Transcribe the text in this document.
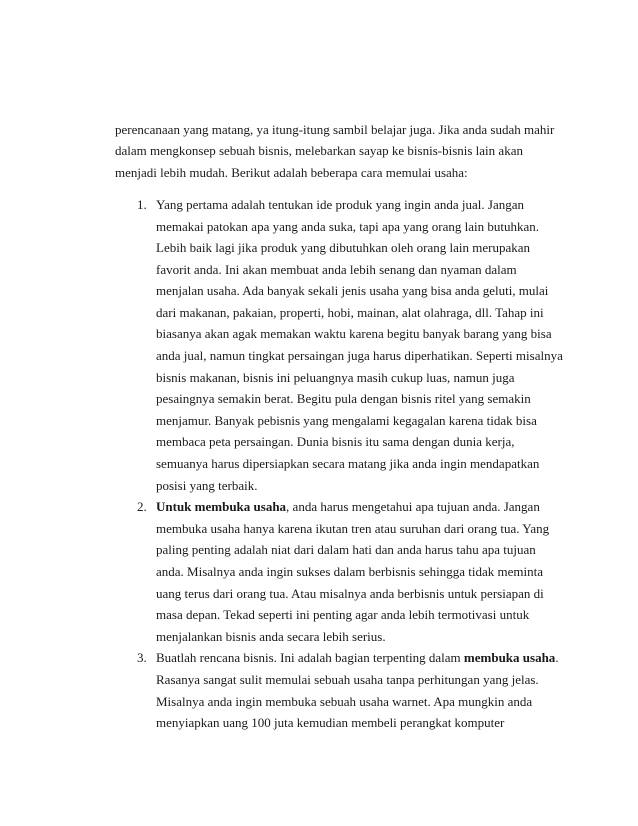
perencanaan yang matang, ya itung-itung sambil belajar juga. Jika anda sudah mahir
dalam mengkonsep sebuah bisnis, melebarkan sayap ke bisnis-bisnis lain akan
menjadi lebih mudah. Berikut adalah beberapa cara memulai usaha:
1. Yang pertama adalah tentukan ide produk yang ingin anda jual. Jangan
memakai patokan apa yang anda suka, tapi apa yang orang lain butuhkan.
Lebih baik lagi jika produk yang dibutuhkan oleh orang lain merupakan
favorit anda. Ini akan membuat anda lebih senang dan nyaman dalam
menjalan usaha. Ada banyak sekali jenis usaha yang bisa anda geluti, mulai
dari makanan, pakaian, properti, hobi, mainan, alat olahraga, dll. Tahap ini
biasanya akan agak memakan waktu karena begitu banyak barang yang bisa
anda jual, namun tingkat persaingan juga harus diperhatikan. Seperti misalnya
bisnis makanan, bisnis ini peluangnya masih cukup luas, namun juga
pesaingnya semakin berat. Begitu pula dengan bisnis ritel yang semakin
menjamur. Banyak pebisnis yang mengalami kegagalan karena tidak bisa
membaca peta persaingan. Dunia bisnis itu sama dengan dunia kerja,
semuanya harus dipersiapkan secara matang jika anda ingin mendapatkan
posisi yang terbaik.
2. Untuk membuka usaha, anda harus mengetahui apa tujuan anda. Jangan
membuka usaha hanya karena ikutan tren atau suruhan dari orang tua. Yang
paling penting adalah niat dari dalam hati dan anda harus tahu apa tujuan
anda. Misalnya anda ingin sukses dalam berbisnis sehingga tidak meminta
uang terus dari orang tua. Atau misalnya anda berbisnis untuk persiapan di
masa depan. Tekad seperti ini penting agar anda lebih termotivasi untuk
menjalankan bisnis anda secara lebih serius.
3. Buatlah rencana bisnis. Ini adalah bagian terpenting dalam membuka usaha.
Rasanya sangat sulit memulai sebuah usaha tanpa perhitungan yang jelas.
Misalnya anda ingin membuka sebuah usaha warnet. Apa mungkin anda
menyiapkan uang 100 juta kemudian membeli perangkat komputer
